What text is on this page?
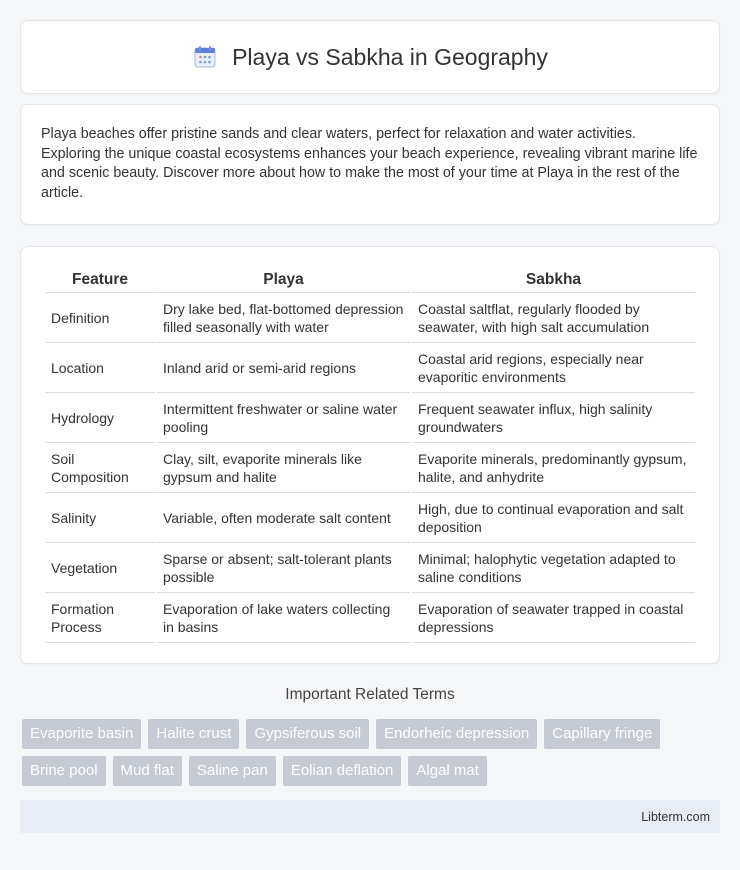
Playa vs Sabkha in Geography

Playa beaches offer pristine sands and clear waters, perfect for relaxation and water activities. Exploring the unique coastal ecosystems enhances your beach experience, revealing vibrant marine life and scenic beauty. Discover more about how to make the most of your time at Playa in the rest of the article.

Feature	Playa	Sabkha
Definition	Dry lake bed, flat-bottomed depression filled seasonally with water	Coastal saltflat, regularly flooded by seawater, with high salt accumulation
Location	Inland arid or semi-arid regions	Coastal arid regions, especially near evaporitic environments
Hydrology	Intermittent freshwater or saline water pooling	Frequent seawater influx, high salinity groundwaters
Soil Composition	Clay, silt, evaporite minerals like gypsum and halite	Evaporite minerals, predominantly gypsum, halite, and anhydrite
Salinity	Variable, often moderate salt content	High, due to continual evaporation and salt deposition
Vegetation	Sparse or absent; salt-tolerant plants possible	Minimal; halophytic vegetation adapted to saline conditions
Formation Process	Evaporation of lake waters collecting in basins	Evaporation of seawater trapped in coastal depressions
Important Related Terms
Evaporite basin	Halite crust	Gypsiferous soil	Endorheic depression	Capillary fringe
Brine pool	Mud flat	Saline pan	Eolian deflation	Algal mat
Libterm.com
